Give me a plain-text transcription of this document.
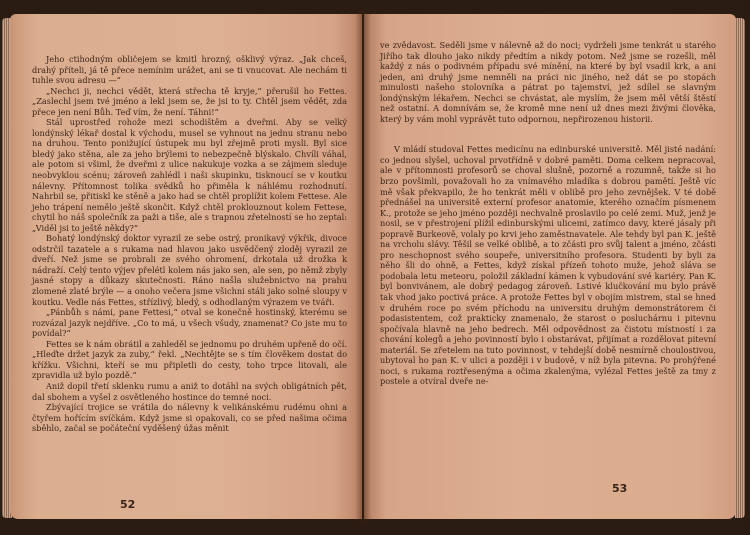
Jeho ctihodným obličejem se kmitl hrozný, ošklivý výraz. „Jak chceš, drahý příteli, já tě přece nemínim urážet, ani se ti vnucovat. Ale nechám ti tuhle svou adresu —“

„Nechci ji, nechci vědět, která střecha tě kryje,“ přerušil ho Fettes. „Zaslechl jsem tvé jméno a lekl jsem se, že jsi to ty. Chtěl jsem vědět, zda přece jen není Bůh. Teď vím, že není. Táhni!“

Stál uprostřed rohože mezi schodištěm a dveřmi. Aby se velký londýnský lékař dostal k východu, musel se vyhnout na jednu stranu nebo na druhou. Tento ponižující ústupek mu byl zřejmě proti mysli. Byl sice bledý jako stěna, ale za jeho brýlemi to nebezpečně blýskalo. Chvíli váhal, ale potom si všiml, že dveřmi z ulice nakukuje vozka a se zájmem sleduje neobvyklou scénu; zároveň zahlédl i naši skupinku, tisknoucí se v koutku nálevny. Přítomnost tolika svědků ho přiměla k náhlému rozhodnutí. Nahrbil se, přitiskl ke stěně a jako had se chtěl proplížit kolem Fettese. Ale jeho trápení nemělo ještě skončit. Když chtěl proklouznout kolem Fettese, chytil ho náš společník za paži a tiše, ale s trapnou zřetelností se ho zeptal: „Viděl jsi to ještě někdy?“

Bohatý londýnský doktor vyrazil ze sebe ostrý, pronikavý výkřik, divoce odstrčil tazatele a s rukama nad hlavou jako usvědčený zloděj vyrazil ze dveří. Než jsme se probrali ze svého ohromení, drkotala už drožka k nádraží. Celý tento výjev přelétl kolem nás jako sen, ale sen, po němž zbyly jasné stopy a důkazy skutečnosti. Ráno našla služebnictvo na prahu zlomené zlaté brýle — a onoho večera jsme všichni stáli jako solné sloupy v koutku. Vedle nás Fettes, střízlivý, bledý, s odhodlaným výrazem ve tváři.

„Pánbůh s námi, pane Fettesi,“ otval se konečně hostinský, kterému se rozvázal jazyk nejdříve. „Co to má, u všech všudy, znamenat? Co jste mu to povídal?“

Fettes se k nám obrátil a zahleděl se jednomu po druhém upřeně do očí. „Hleďte držet jazyk za zuby,“ řekl. „Nechtějte se s tím člověkem dostat do křížku. Všichni, kteří se mu připletli do cesty, toho trpce litovali, ale zpravidla už bylo pozdě.“

Aniž dopil třetí sklenku rumu a aniž to dotáhl na svých obligátních pět, dal sbohem a vyšel z osvětleného hostince do temné noci.

Zbývající trojice se vrátila do nálevny k velikánskému rudému ohni a čtyřem hořícím svíčkám. Když jsme si opakovali, co se před našima očima sběhlo, začal se počáteční vyděšený úžas měnit

52

ve zvědavost. Seděli jsme v nálevně až do noci; vydrželi jsme tenkrát u starého Jiřího tak dlouho jako nikdy předtím a nikdy potom. Než jsme se rozešli, měl každý z nás o podivném případu své mínění, na které by byl vsadil krk, a ani jeden, ani druhý jsme nemněli na práci nic jiného, než dát se po stopách minulosti našeho stolovníka a pátrat po tajemství, jež sdílel se slavným londýnským lékařem. Nechci se chvástat, ale myslím, že jsem měl větší štěstí než ostatní. A domnívám se, že kromě mne není už dnes mezi živými člověka, který by vám mohl vyprávět tuto odpornou, nepřirozenou historii.

V mládí studoval Fettes medicínu na edinburské universitě. Měl jisté nadání: co jednou slyšel, uchoval prvotřídně v dobré paměti. Doma celkem nepracoval, ale v přítomnosti profesorů se choval slušně, pozorně a rozumně, takže si ho brzo povšimli, považovali ho za vnímavého mladíka s dobrou pamětí. Ještě víc mě však překvapilo, že ho tenkrát měli v oblibě pro jeho zevnějšek. V té době přednášel na universitě externí profesor anatomie, kterého označím písmenem K., protože se jeho jméno později nechvalně proslavilo po celé zemi. Muž, jenž je nosil, se v přestrojení plížil edinburskými ulicemi, zatímco davy, které jásaly při popravě Burkeově, volaly po krvi jeho zaměstnavatele. Ale tehdy byl pan K. ještě na vrcholu slávy. Těšil se velké oblibě, a to zčásti pro svůj talent a jméno, zčásti pro neschopnost svého soupeře, universitního profesora. Studenti by byli za něho šli do ohně, a Fettes, když získal přízeň tohoto muže, jehož sláva se podobala letu meteoru, položil základní kámen k vybudování své kariéry. Pan K. byl bonvivánem, ale dobrý pedagog zároveň. Lstivé klučkování mu bylo právě tak vhod jako poctivá práce. A protože Fettes byl v obojím mistrem, stal se hned v druhém roce po svém příchodu na universitu druhým demonstrátorem či podasistentem, což prakticky znamenalo, že starost o posluchárnu i pitevnu spočívala hlavně na jeho bedrech. Měl odpovědnost za čistotu místností i za chování kolegů a jeho povinností bylo i obstarávat, přijímat a rozdělovat pitevní materiál. Se zřetelem na tuto povinnost, v tehdejší době nesmírně choulostivou, ubytoval ho pan K. v ulici a později i v budově, v níž byla pitevna. Po prohýřené noci, s rukama roztřesenýma a očima zkalenýma, vylézal Fettes ještě za tmy z postele a otvíral dveře ne-

53
